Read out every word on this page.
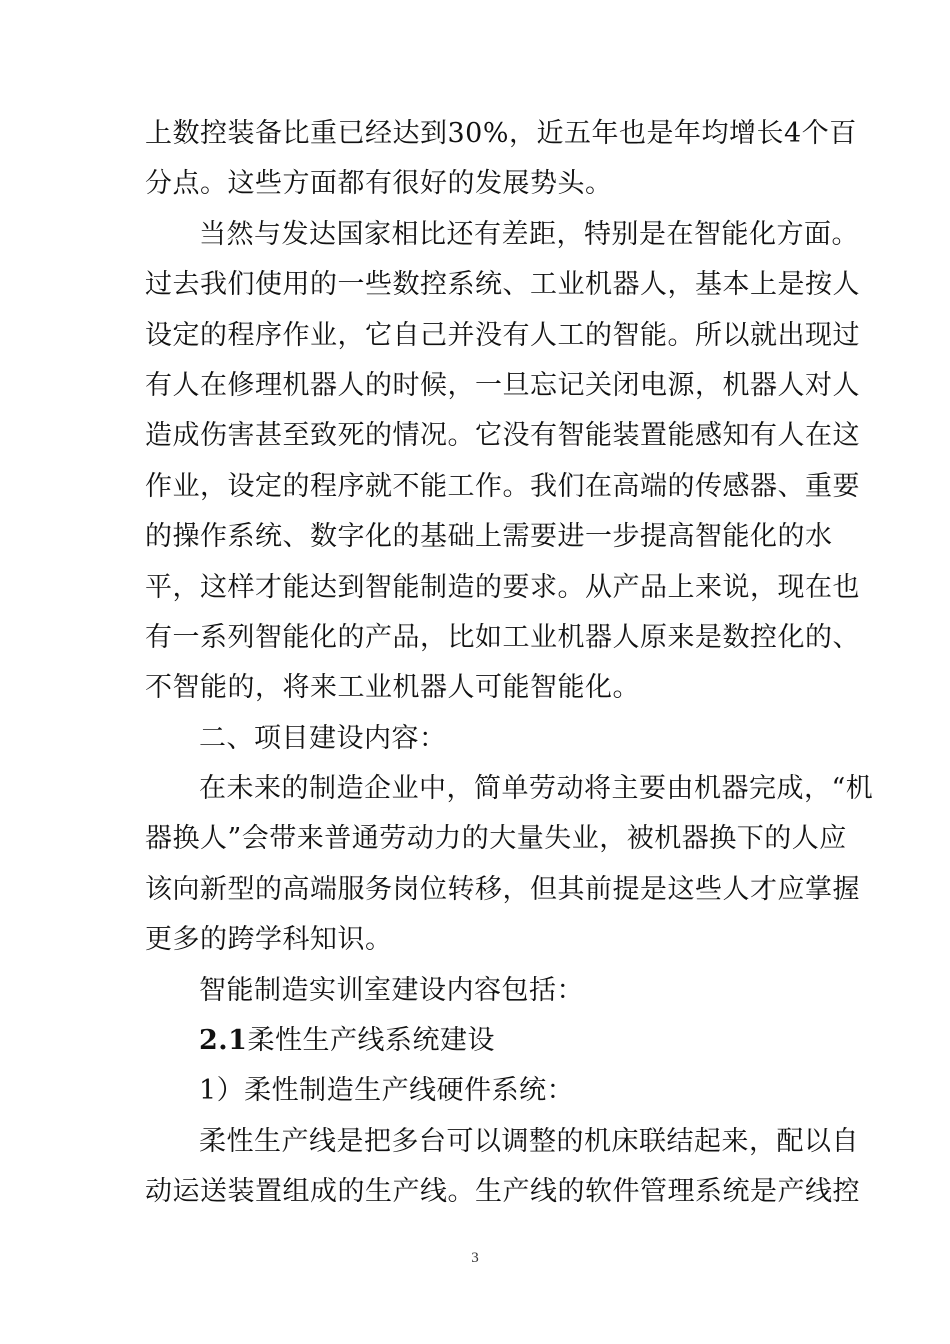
上数控装备比重已经达到30%，近五年也是年均增长4个百
分点。这些方面都有很好的发展势头。
当然与发达国家相比还有差距，特别是在智能化方面。
过去我们使用的一些数控系统、工业机器人，基本上是按人
设定的程序作业，它自己并没有人工的智能。所以就出现过
有人在修理机器人的时候，一旦忘记关闭电源，机器人对人
造成伤害甚至致死的情况。它没有智能装置能感知有人在这
作业，设定的程序就不能工作。我们在高端的传感器、重要
的操作系统、数字化的基础上需要进一步提高智能化的水
平，这样才能达到智能制造的要求。从产品上来说，现在也
有一系列智能化的产品，比如工业机器人原来是数控化的、
不智能的，将来工业机器人可能智能化。
二、项目建设内容：
在未来的制造企业中，简单劳动将主要由机器完成，“机
器换人”会带来普通劳动力的大量失业，被机器换下的人应
该向新型的高端服务岗位转移，但其前提是这些人才应掌握
更多的跨学科知识。
智能制造实训室建设内容包括：
2.1柔性生产线系统建设
1）柔性制造生产线硬件系统：
柔性生产线是把多台可以调整的机床联结起来，配以自
动运送装置组成的生产线。生产线的软件管理系统是产线控
3
